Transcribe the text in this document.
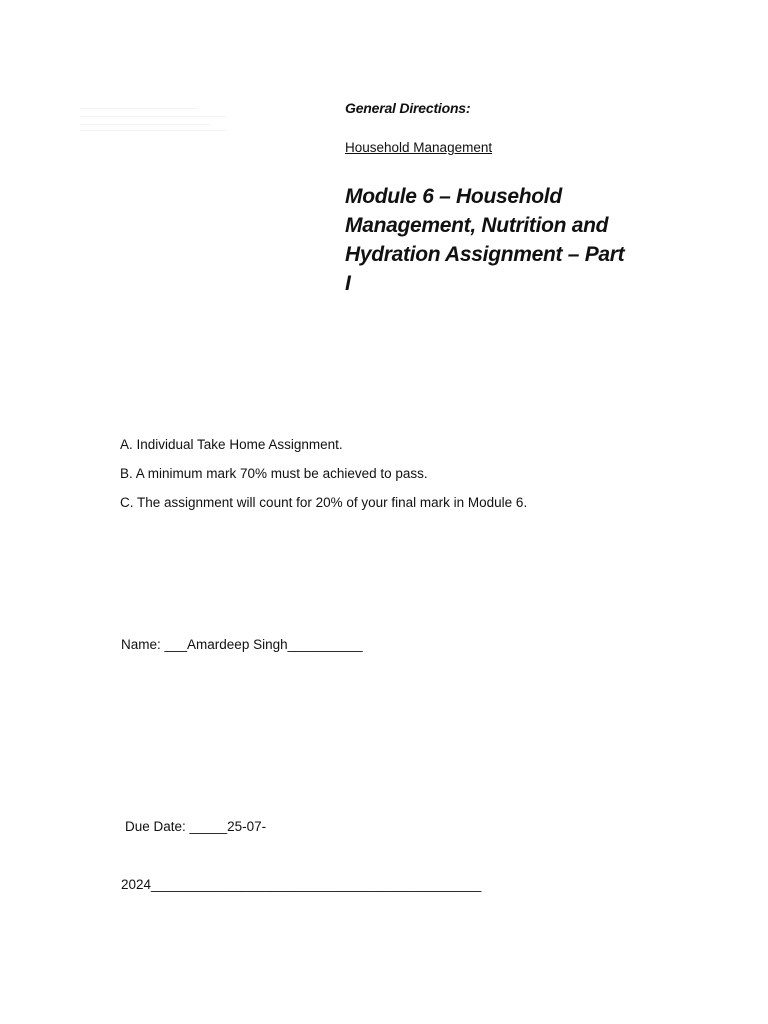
General Directions:
Household Management
Module 6 – Household Management, Nutrition and Hydration Assignment – Part I
A. Individual Take Home Assignment.
B. A minimum mark 70% must be achieved to pass.
C. The assignment will count for 20% of your final mark in Module 6.
Name: ___Amardeep Singh__________
Due Date: _____25-07-
2024____________________________________________
